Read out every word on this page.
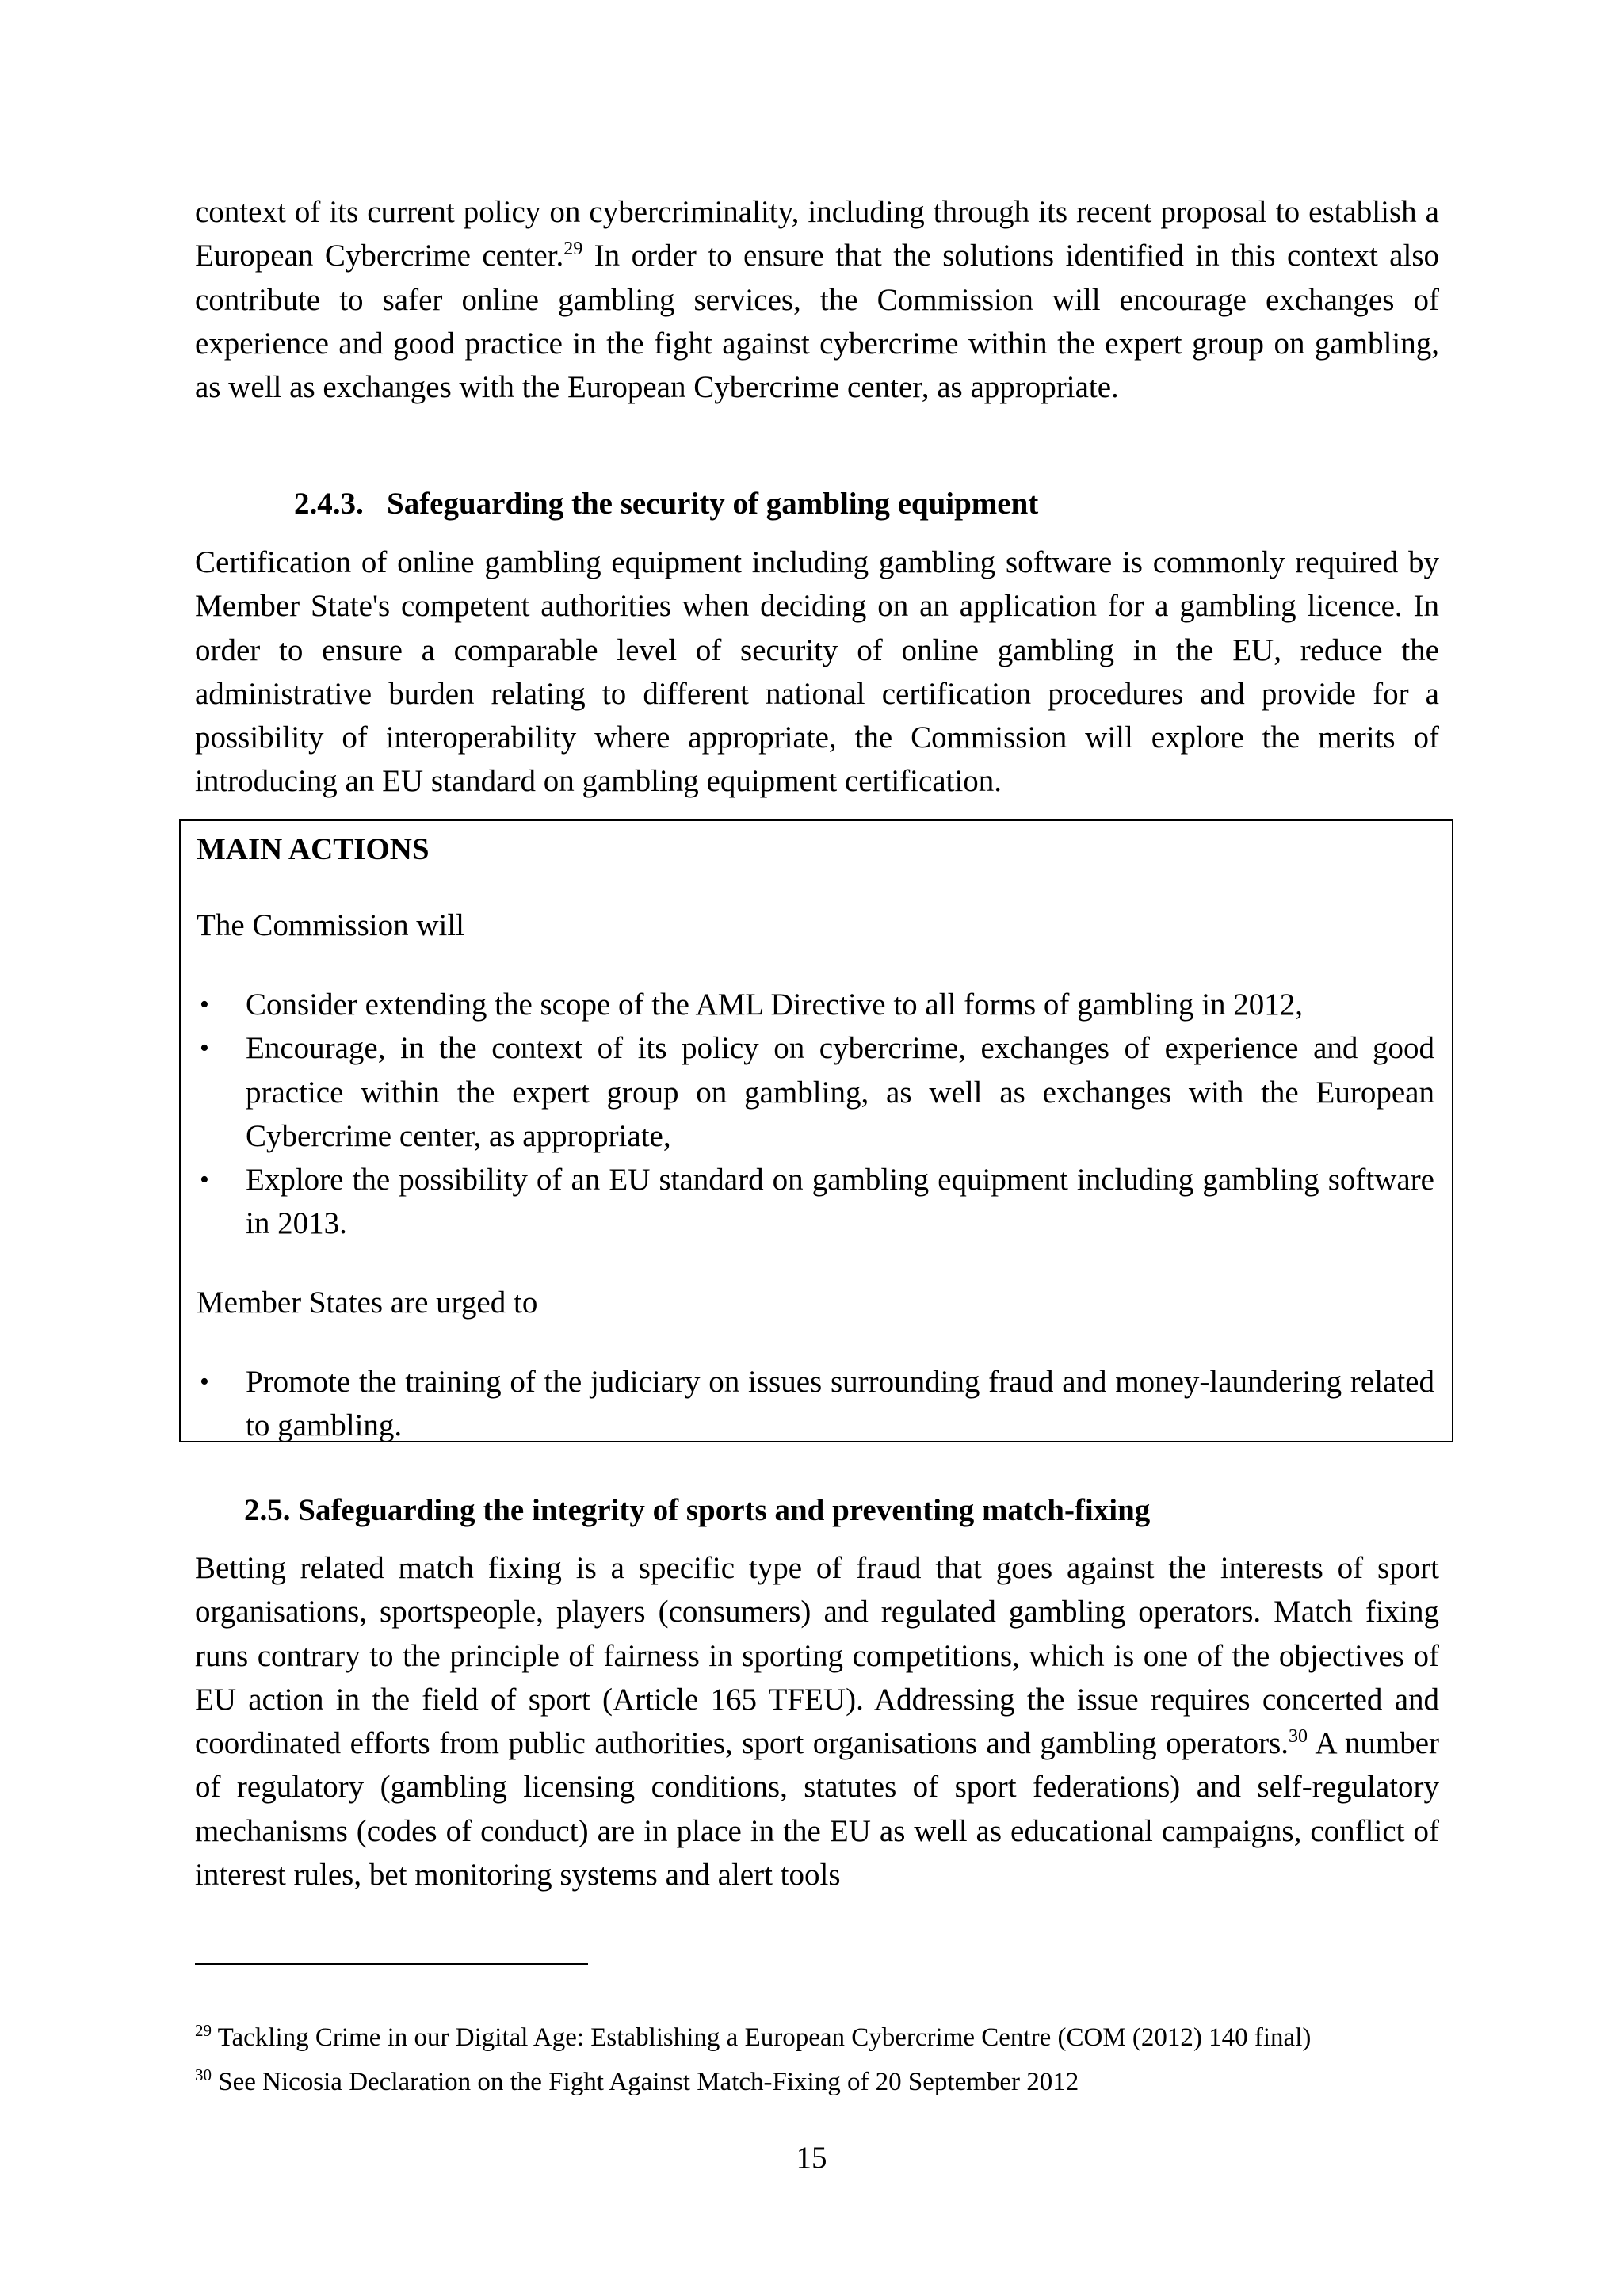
context of its current policy on cybercriminality, including through its recent proposal to establish a European Cybercrime center.$^{29}$ In order to ensure that the solutions identified in this context also contribute to safer online gambling services, the Commission will encourage exchanges of experience and good practice in the fight against cybercrime within the expert group on gambling, as well as exchanges with the European Cybercrime center, as appropriate.

2.4.3. Safeguarding the security of gambling equipment

Certification of online gambling equipment including gambling software is commonly required by Member State's competent authorities when deciding on an application for a gambling licence. In order to ensure a comparable level of security of online gambling in the EU, reduce the administrative burden relating to different national certification procedures and provide for a possibility of interoperability where appropriate, the Commission will explore the merits of introducing an EU standard on gambling equipment certification.

MAIN ACTIONS

The Commission will

•	Consider extending the scope of the AML Directive to all forms of gambling in 2012,
•	Encourage, in the context of its policy on cybercrime, exchanges of experience and good practice within the expert group on gambling, as well as exchanges with the European Cybercrime center, as appropriate,
•	Explore the possibility of an EU standard on gambling equipment including gambling software in 2013.

Member States are urged to

•	Promote the training of the judiciary on issues surrounding fraud and money-laundering related to gambling.
2.5. Safeguarding the integrity of sports and preventing match-fixing

Betting related match fixing is a specific type of fraud that goes against the interests of sport organisations, sportspeople, players (consumers) and regulated gambling operators. Match fixing runs contrary to the principle of fairness in sporting competitions, which is one of the objectives of EU action in the field of sport (Article 165 TFEU). Addressing the issue requires concerted and coordinated efforts from public authorities, sport organisations and gambling operators.$^{30}$ A number of regulatory (gambling licensing conditions, statutes of sport federations) and self-regulatory mechanisms (codes of conduct) are in place in the EU as well as educational campaigns, conflict of interest rules, bet monitoring systems and alert tools

$^{29}$ Tackling Crime in our Digital Age: Establishing a European Cybercrime Centre (COM (2012) 140 final)

$^{30}$ See Nicosia Declaration on the Fight Against Match-Fixing of 20 September 2012

15
